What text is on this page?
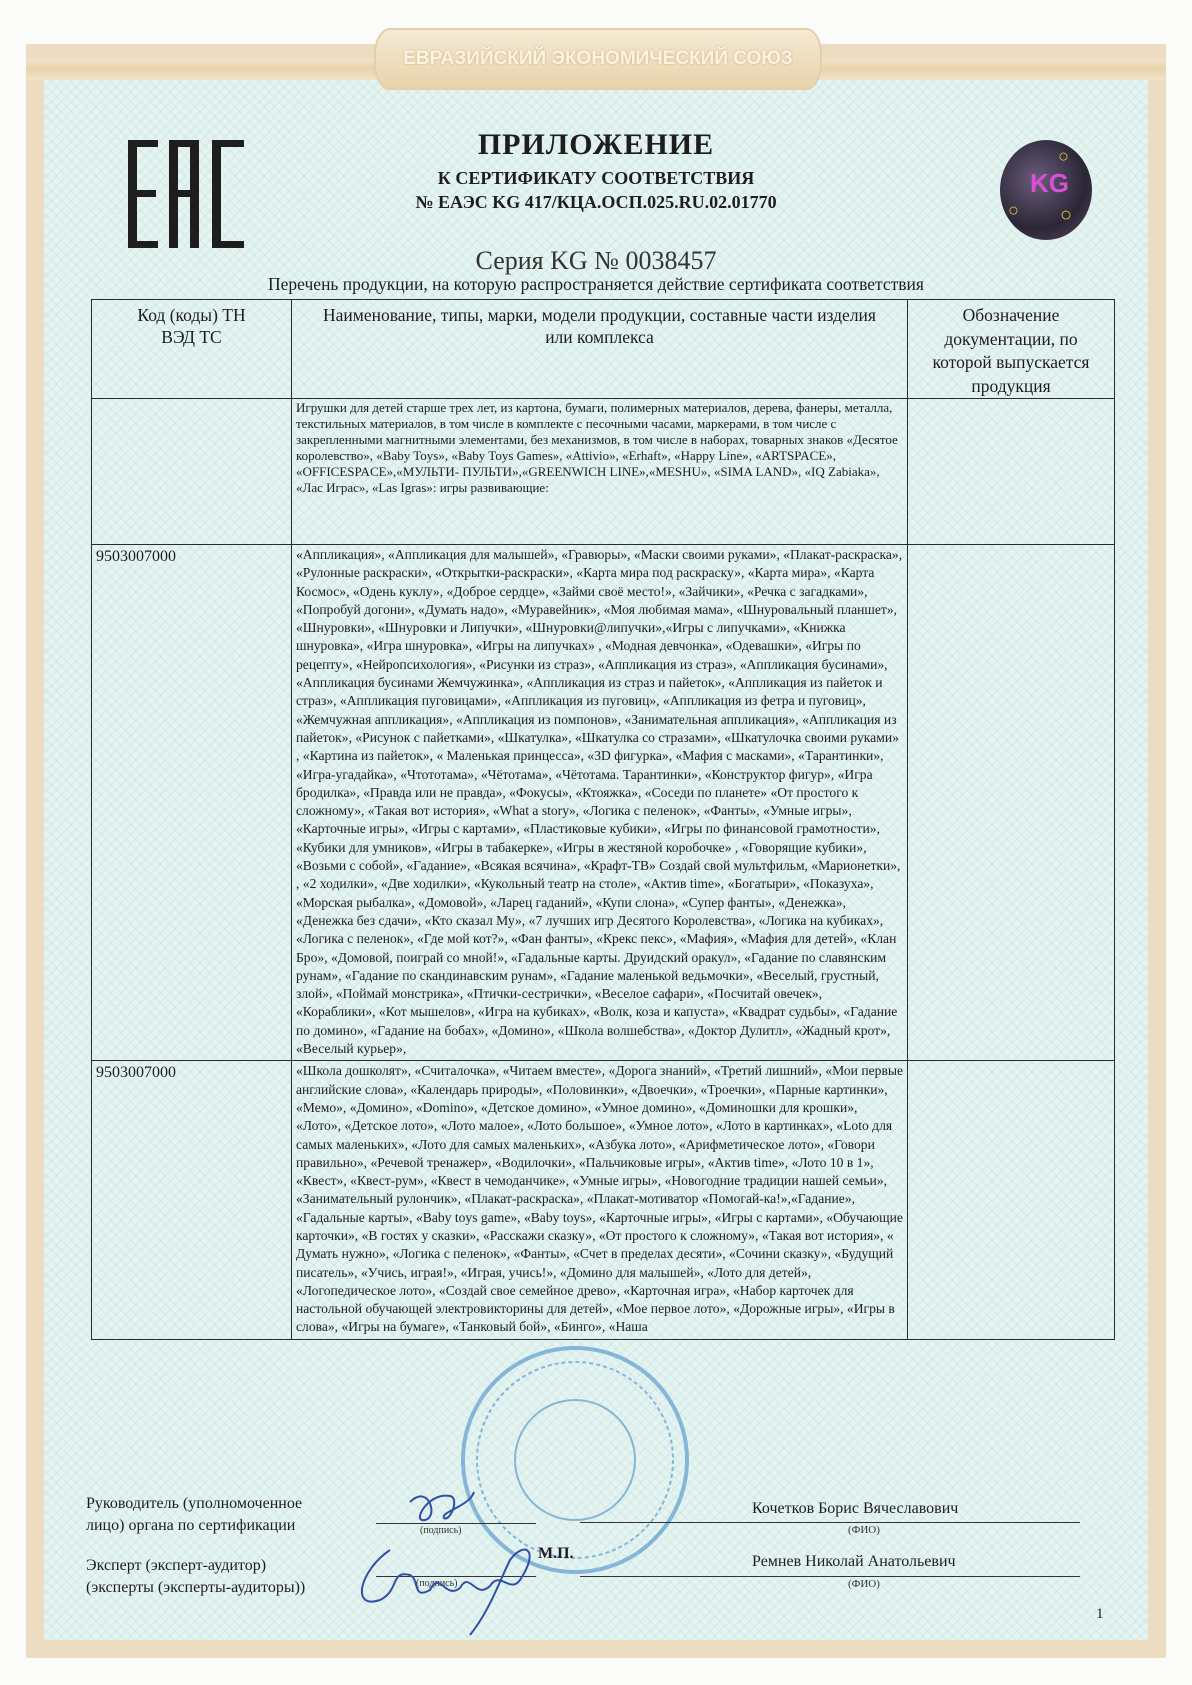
ЕВРАЗИЙСКИЙ ЭКОНОМИЧЕСКИЙ СОЮЗ
KG
○
○ ○
ПРИЛОЖЕНИЕ
К СЕРТИФИКАТУ СООТВЕТСТВИЯ
№ ЕАЭС KG 417/КЦА.ОСП.025.RU.02.01770
Серия KG № 0038457
Перечень продукции, на которую распространяется действие сертификата соответствия
Код (коды) ТН ВЭД ТС	Наименование, типы, марки, модели продукции, составные части изделия или комплекса	Обозначение документации, по которой выпускается продукция

	Игрушки для детей старше трех лет, из картона, бумаги, полимерных материалов, дерева, фанеры, металла, текстильных материалов, в том числе в комплекте с песочными часами, маркерами, в том числе с закрепленными магнитными элементами, без механизмов, в том числе в наборах, товарных знаков «Десятое королевство», «Baby Toys», «Baby Toys Games», «Attivio», «Erhaft», «Happy Line», «ARTSPACE», «OFFICESPACE»,«МУЛЬТИ- ПУЛЬТИ»,«GREENWICH LINE»,«MESHU», «SIMA LAND», «IQ Zabiaka», «Лас Играс», «Las Igras»: игры развивающие:	

9503007000	«Аппликация», «Аппликация для малышей», «Гравюры», «Маски своими руками», «Плакат-раскраска», «Рулонные раскраски», «Открытки-раскраски», «Карта мира под раскраску», «Карта мира», «Карта Космос», «Одень куклу», «Доброе сердце», «Займи своё место!», «Зайчики», «Речка с загадками», «Попробуй догони», «Думать надо», «Муравейник», «Моя любимая мама», «Шнуровальный планшет», «Шнуровки», «Шнуровки и Липучки», «Шнуровки@липучки»,«Игры с липучками», «Книжка шнуровка», «Игра шнуровка», «Игры на липучках» , «Модная девчонка», «Одевашки», «Игры по рецепту», «Нейропсихология», «Рисунки из страз», «Аппликация из страз», «Аппликация бусинами», «Аппликация бусинами Жемчужинка», «Аппликация из страз и пайеток», «Аппликация из пайеток и страз», «Аппликация пуговицами», «Аппликация из пуговиц», «Аппликация из фетра и пуговиц», «Жемчужная аппликация», «Аппликация из помпонов», «Занимательная аппликация», «Аппликация из пайеток», «Рисунок с пайетками», «Шкатулка», «Шкатулка со стразами», «Шкатулочка своими руками» , «Картина из пайеток», « Маленькая принцесса», «3D фигурка», «Мафия с масками», «Тарантинки», «Игра-угадайка», «Чтототама», «Чётотама», «Чётотама. Тарантинки», «Конструктор фигур», «Игра бродилка», «Правда или не правда», «Фокусы», «Ктояжка», «Соседи по планете» «От простого к сложному», «Такая вот история», «What a story», «Логика с пеленок», «Фанты», «Умные игры», «Карточные игры», «Игры с картами», «Пластиковые кубики», «Игры по финансовой грамотности», «Кубики для умников», «Игры в табакерке», «Игры в жестяной коробочке» , «Говорящие кубики», «Возьми с собой», «Гадание», «Всякая всячина», «Крафт-ТВ» Создай свой мультфильм, «Марионетки», , «2 ходилки», «Две ходилки», «Кукольный театр на столе», «Актив time», «Богатыри», «Показуха», «Морская рыбалка», «Домовой», «Ларец гаданий», «Купи слона», «Супер фанты», «Денежка», «Денежка без сдачи», «Кто сказал Му», «7 лучших игр Десятого Королевства», «Логика на кубиках», «Логика с пеленок», «Где мой кот?», «Фан фанты», «Крекс пекс», «Мафия», «Мафия для детей», «Клан Бро», «Домовой, поиграй со мной!», «Гадальные карты. Друидский оракул», «Гадание по славянским рунам», «Гадание по скандинавским рунам», «Гадание маленькой ведьмочки», «Веселый, грустный, злой», «Поймай монстрика», «Птички-сестрички», «Веселое сафари», «Посчитай овечек», «Кораблики», «Кот мышелов», «Игра на кубиках», «Волк, коза и капуста», «Квадрат судьбы», «Гадание по домино», «Гадание на бобах», «Домино», «Школа волшебства», «Доктор Дулитл», «Жадный крот», «Веселый курьер»,	

9503007000	«Школа дошколят», «Считалочка», «Читаем вместе», «Дорога знаний», «Третий лишний», «Мои первые английские слова», «Календарь природы», «Половинки», «Двоечки», «Троечки», «Парные картинки», «Мемо», «Домино», «Domino», «Детское домино», «Умное домино», «Доминошки для крошки», «Лото», «Детское лото», «Лото малое», «Лото большое», «Умное лото», «Лото в картинках», «Loto для самых маленьких», «Лото для самых маленьких», «Азбука лото», «Арифметическое лото», «Говори правильно», «Речевой тренажер», «Водилочки», «Пальчиковые игры», «Актив time», «Лото 10 в 1», «Квест», «Квест-рум», «Квест в чемоданчике», «Умные игры», «Новогодние традиции нашей семьи», «Занимательный рулончик», «Плакат-раскраска», «Плакат-мотиватор «Помогай-ка!»,«Гадание», «Гадальные карты», «Baby toys game», «Baby toys», «Карточные игры», «Игры с картами», «Обучающие карточки», «В гостях у сказки», «Расскажи сказку», «От простого к сложному», «Такая вот история», « Думать нужно», «Логика с пеленок», «Фанты», «Счет в пределах десяти», «Сочини сказку», «Будущий писатель», «Учись, играя!», «Играя, учись!», «Домино для малышей», «Лото для детей», «Логопедическое лото», «Создай свое семейное древо», «Карточная игра», «Набор карточек для настольной обучающей электровикторины для детей», «Мое первое лото», «Дорожные игры», «Игры в слова», «Игры на бумаге», «Танковый бой», «Бинго», «Наша	

Руководитель (уполномоченное лицо) органа по сертификации	(подпись)
Кочетков Борис Вячеславович
(ФИО)
М.П.
Эксперт (эксперт-аудитор) (эксперты (эксперты-аудиторы))	(подпись)
Ремнев Николай Анатольевич
(ФИО)
1
